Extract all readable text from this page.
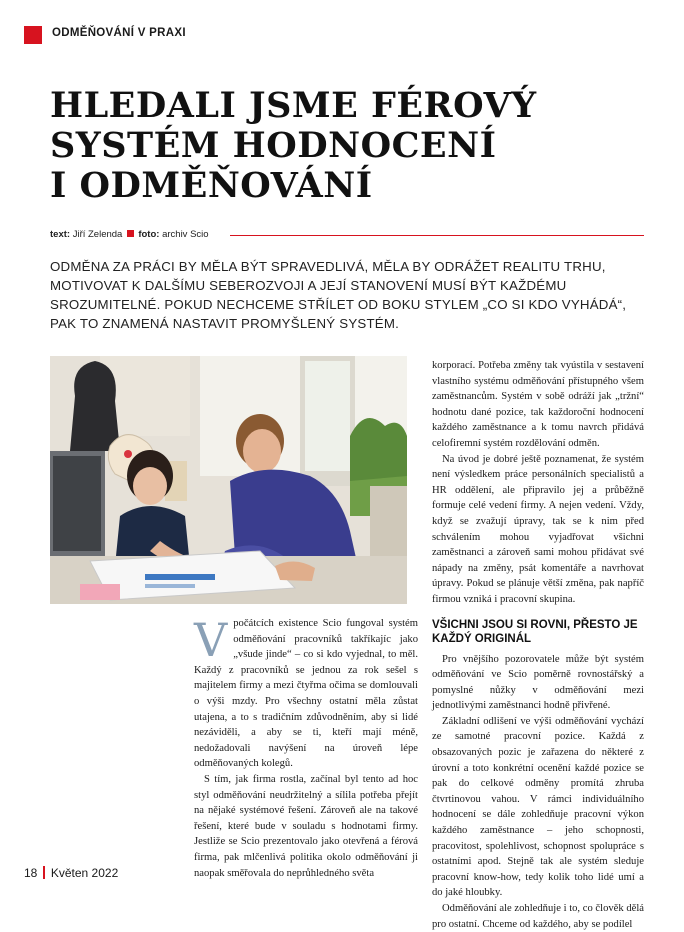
ODMĚŇOVÁNÍ V PRAXI
HLEDALI JSME FÉROVÝ
SYSTÉM HODNOCENÍ
I ODMĚŇOVÁNÍ
text: Jiří Zelenda foto: archiv Scio

ODMĚNA ZA PRÁCI BY MĚLA BÝT SPRAVEDLIVÁ, MĚLA BY ODRÁŽET REALITU TRHU, MOTIVOVAT K DALŠÍMU SEBEROZVOJI A JEJÍ STANOVENÍ MUSÍ BÝT KAŽDÉMU SROZUMITELNÉ. POKUD NECHCEME STŘÍLET OD BOKU STYLEM „CO SI KDO VYHÁDÁ“, PAK TO ZNAMENÁ NASTAVIT PROMYŠLENÝ SYSTÉM.

V počátcích existence Scio fungoval systém odměňování pracovníků takříkajíc jako „všude jinde“ – co si kdo vyjednal, to měl. Každý z pracovníků se jednou za rok sešel s majitelem firmy a mezi čtyřma očima se domlouvali o výši mzdy. Pro všechny ostatní měla zůstat utajena, a to s tradičním zdůvodněním, aby si lidé nezáviděli, a aby se ti, kteří mají méně, nedožadovali navýšení na úroveň lépe odměňovaných kolegů.

S tím, jak firma rostla, začínal byl tento ad hoc styl odměňování neudržitelný a sílila potřeba přejít na nějaké systémové řešení. Zároveň ale na takové řešení, které bude v souladu s hodnotami firmy. Jestliže se Scio prezentovalo jako otevřená a férová firma, pak mlčenlivá politika okolo odměňování ji naopak směřovala do neprůhledného světa

korporací. Potřeba změny tak vyústila v sestavení vlastního systému odměňování přístupného všem zaměstnancům. Systém v sobě odráží jak „tržní“ hodnotu dané pozice, tak každoroční hodnocení každého zaměstnance a k tomu navrch přidává celofiremní systém rozdělování odměn.

Na úvod je dobré ještě poznamenat, že systém není výsledkem práce personálních specialistů a HR oddělení, ale připravilo jej a průběžně formuje celé vedení firmy. A nejen vedení. Vždy, když se zvažují úpravy, tak se k nim před schválením mohou vyjadřovat všichni zaměstnanci a zároveň sami mohou přidávat své nápady na změny, psát komentáře a navrhovat úpravy. Pokud se plánuje větší změna, pak napříč firmou vzniká i pracovní skupina.

VŠICHNI JSOU SI ROVNI, PŘESTO JE KAŽDÝ ORIGINÁL

Pro vnějšího pozorovatele může být systém odměňování ve Scio poměrně rovnostářský a pomyslné nůžky v odměňování mezi jednotlivými zaměstnanci hodně přivřené.

Základní odlišení ve výši odměňování vychází ze samotné pracovní pozice. Každá z obsazovaných pozic je zařazena do některé z úrovní a toto konkrétní ocenění každé pozice se pak do celkové odměny promítá zhruba čtvrtinovou vahou. V rámci individuálního hodnocení se dále zohledňuje pracovní výkon každého zaměstnance – jeho schopnosti, pracovitost, spolehlivost, schopnost spolupráce s ostatními apod. Stejně tak ale systém sleduje pracovní know-how, tedy kolik toho lidé umí a do jaké hloubky.

Odměňování ale zohledňuje i to, co člověk dělá pro ostatní. Chceme od každého, aby se podílel

18 Květen 2022
